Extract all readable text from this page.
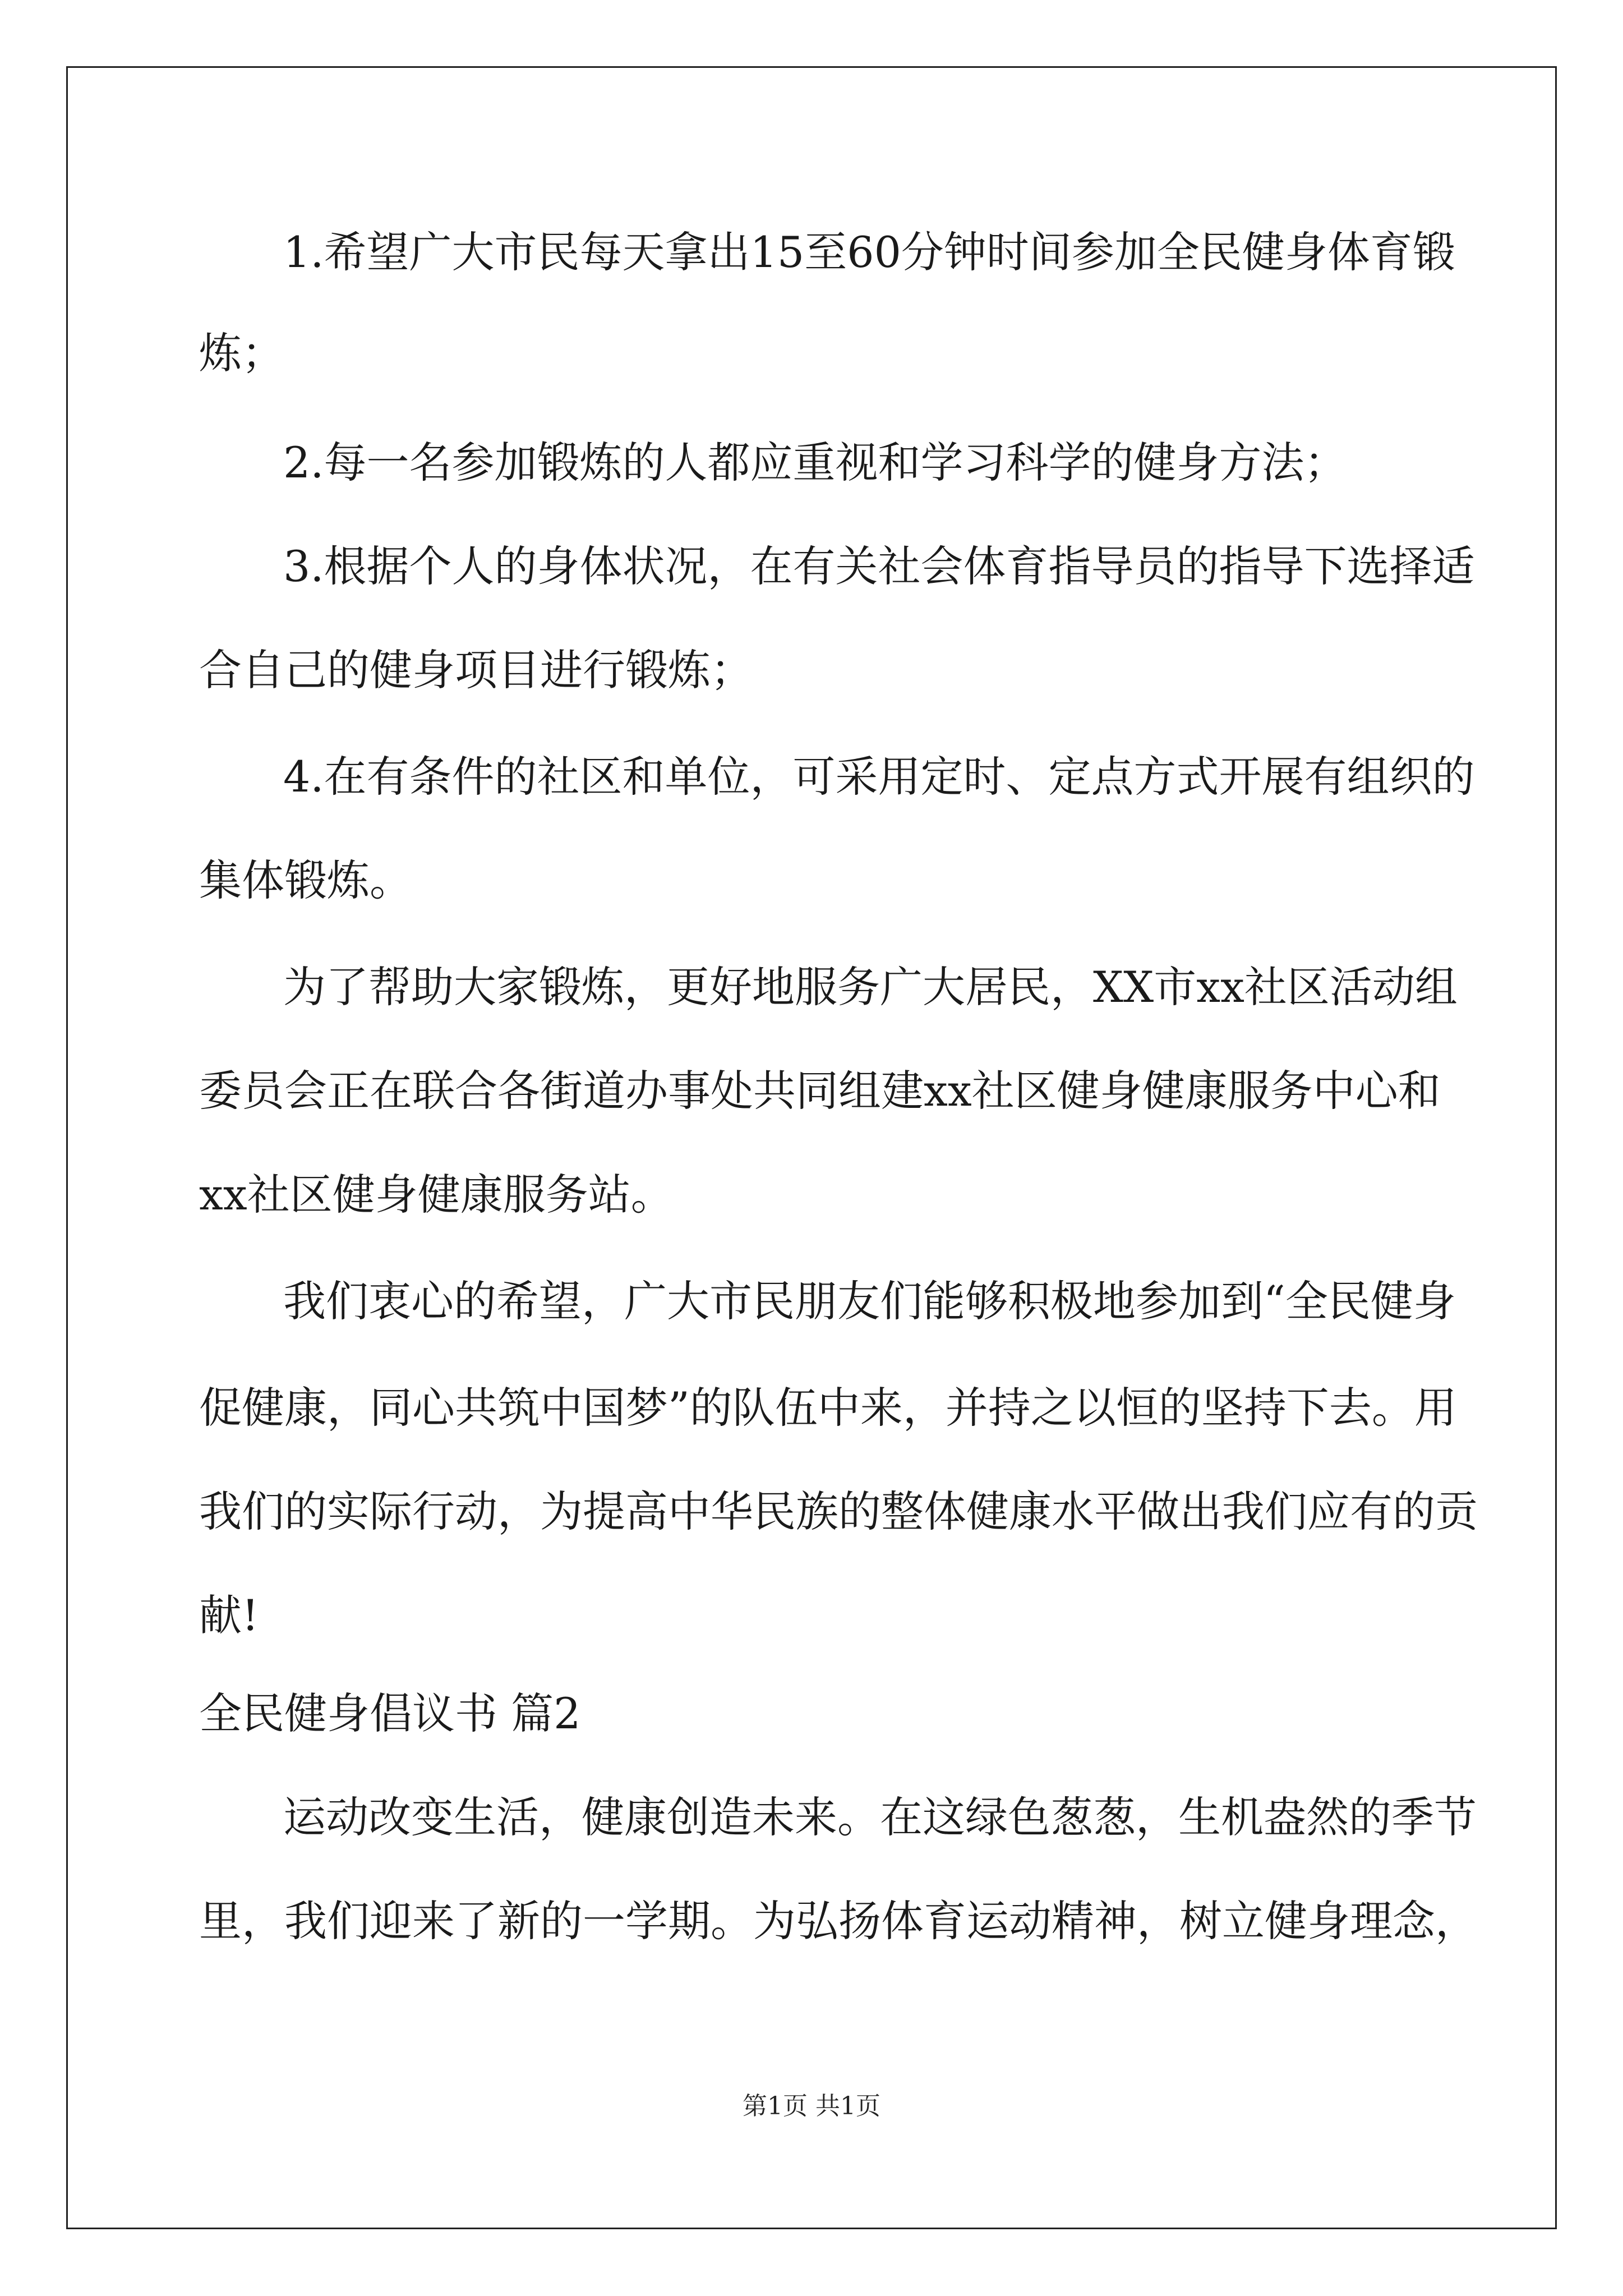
1.希望广大市民每天拿出15至60分钟时间参加全民健身体育锻
炼；
2.每一名参加锻炼的人都应重视和学习科学的健身方法；
3.根据个人的身体状况，在有关社会体育指导员的指导下选择适
合自己的健身项目进行锻炼；
4.在有条件的社区和单位，可采用定时、定点方式开展有组织的
集体锻炼。
为了帮助大家锻炼，更好地服务广大居民，XX市xx社区活动组
委员会正在联合各街道办事处共同组建xx社区健身健康服务中心和
xx社区健身健康服务站。
我们衷心的希望，广大市民朋友们能够积极地参加到“全民健身
促健康，同心共筑中国梦”的队伍中来，并持之以恒的坚持下去。用
我们的实际行动，为提高中华民族的整体健康水平做出我们应有的贡
献!
全民健身倡议书 篇2
运动改变生活，健康创造未来。在这绿色葱葱，生机盎然的季节
里，我们迎来了新的一学期。为弘扬体育运动精神，树立健身理念，
第1页 共1页
